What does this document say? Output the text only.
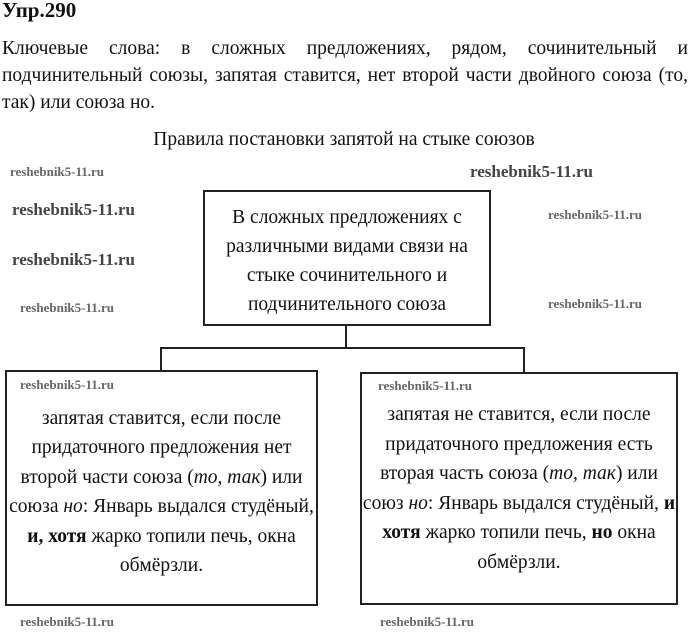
Упр.290
Ключевые слова: в сложных предложениях, рядом, сочинительный и подчинительный союзы, запятая ставится, нет второй части двойного союза (то, так) или союза но.
Правила постановки запятой на стыке союзов
В сложных предложениях с различными видами связи на стыке сочинительного и подчинительного союза
запятая ставится, если после придаточного предложения нет второй части союза (то, так) или союза но: Январь выдался студёный, и, хотя жарко топили печь, окна обмёрзли.
запятая не ставится, если после придаточного предложения есть вторая часть союза (то, так) или союз но: Январь выдался студёный, и хотя жарко топили печь, но окна обмёрзли.
reshebnik5-11.ru	reshebnik5-11.ru
reshebnik5-11.ru	reshebnik5-11.ru
reshebnik5-11.ru
reshebnik5-11.ru
reshebnik5-11.ru
reshebnik5-11.ru	reshebnik5-11.ru
reshebnik5-11.ru	reshebnik5-11.ru
